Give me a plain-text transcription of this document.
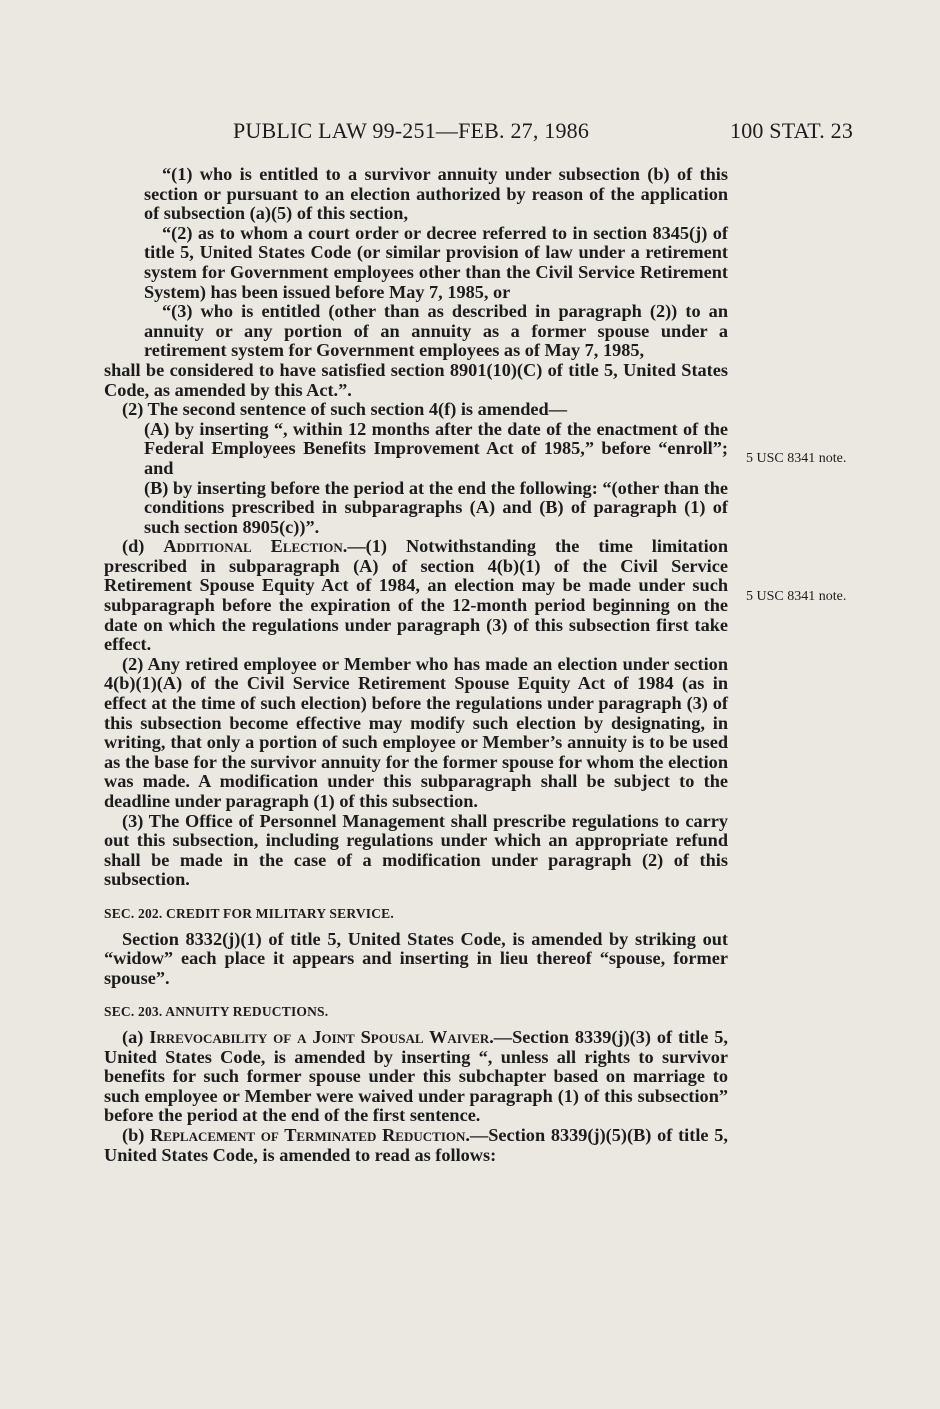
PUBLIC LAW 99-251—FEB. 27, 1986	100 STAT. 23
5 USC 8341 note.
5 USC 8341 note.

“(1) who is entitled to a survivor annuity under subsection (b) of this section or pursuant to an election authorized by reason of the application of subsection (a)(5) of this section,

“(2) as to whom a court order or decree referred to in section 8345(j) of title 5, United States Code (or similar provision of law under a retirement system for Government employees other than the Civil Service Retirement System) has been issued before May 7, 1985, or

“(3) who is entitled (other than as described in paragraph (2)) to an annuity or any portion of an annuity as a former spouse under a retirement system for Government employees as of May 7, 1985,

shall be considered to have satisfied section 8901(10)(C) of title 5, United States Code, as amended by this Act.”.

(2) The second sentence of such section 4(f) is amended—

(A) by inserting “, within 12 months after the date of the enactment of the Federal Employees Benefits Improvement Act of 1985,” before “enroll”; and

(B) by inserting before the period at the end the following: “(other than the conditions prescribed in subparagraphs (A) and (B) of paragraph (1) of such section 8905(c))”.

(d) Additional Election.—(1) Notwithstanding the time limitation prescribed in subparagraph (A) of section 4(b)(1) of the Civil Service Retirement Spouse Equity Act of 1984, an election may be made under such subparagraph before the expiration of the 12-month period beginning on the date on which the regulations under paragraph (3) of this subsection first take effect.

(2) Any retired employee or Member who has made an election under section 4(b)(1)(A) of the Civil Service Retirement Spouse Equity Act of 1984 (as in effect at the time of such election) before the regulations under paragraph (3) of this subsection become effective may modify such election by designating, in writing, that only a portion of such employee or Member’s annuity is to be used as the base for the survivor annuity for the former spouse for whom the election was made. A modification under this subparagraph shall be subject to the deadline under paragraph (1) of this subsection.

(3) The Office of Personnel Management shall prescribe regulations to carry out this subsection, including regulations under which an appropriate refund shall be made in the case of a modification under paragraph (2) of this subsection.

SEC. 202. CREDIT FOR MILITARY SERVICE.

Section 8332(j)(1) of title 5, United States Code, is amended by striking out “widow” each place it appears and inserting in lieu thereof “spouse, former spouse”.

SEC. 203. ANNUITY REDUCTIONS.

(a) Irrevocability of a Joint Spousal Waiver.—Section 8339(j)(3) of title 5, United States Code, is amended by inserting “, unless all rights to survivor benefits for such former spouse under this subchapter based on marriage to such employee or Member were waived under paragraph (1) of this subsection” before the period at the end of the first sentence.

(b) Replacement of Terminated Reduction.—Section 8339(j)(5)(B) of title 5, United States Code, is amended to read as follows:
